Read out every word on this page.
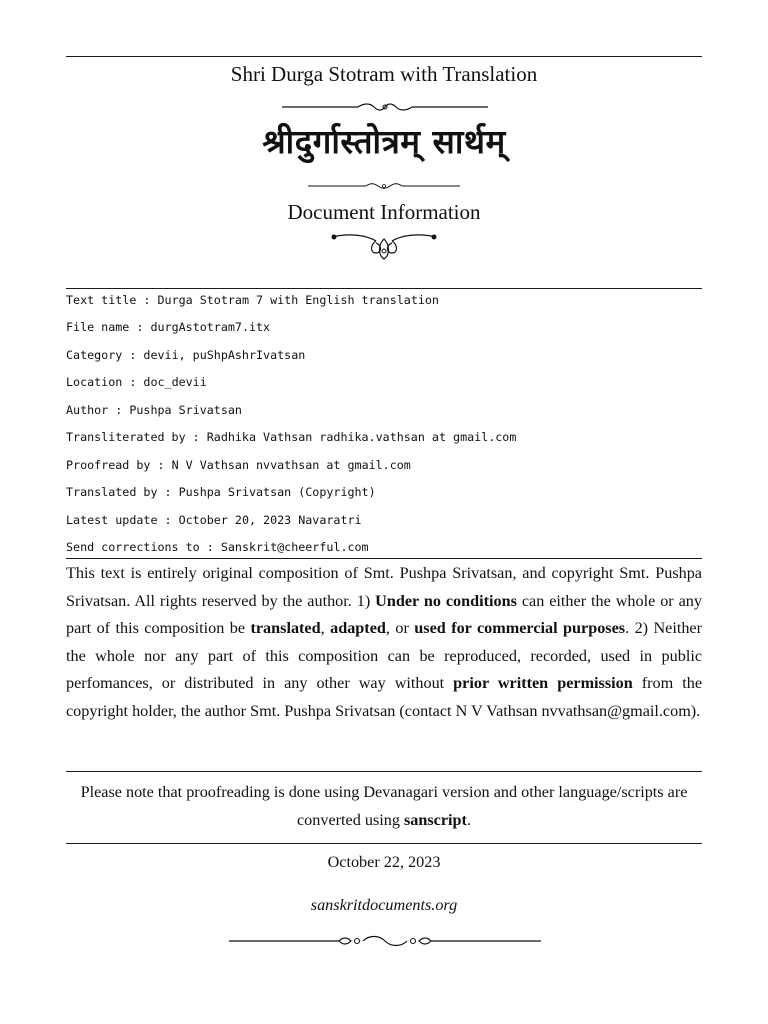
Shri Durga Stotram with Translation
श्रीदुर्गास्तोत्रम् सार्थम्
Document Information
Text title : Durga Stotram 7 with English translation
File name : durgAstotram7.itx
Category : devii, puShpAshrIvatsan
Location : doc_devii
Author : Pushpa Srivatsan
Transliterated by : Radhika Vathsan radhika.vathsan at gmail.com
Proofread by : N V Vathsan nvvathsan at gmail.com
Translated by : Pushpa Srivatsan (Copyright)
Latest update : October 20, 2023 Navaratri
Send corrections to : Sanskrit@cheerful.com
This text is entirely original composition of Smt. Pushpa Srivatsan, and copyright Smt. Pushpa Srivatsan. All rights reserved by the author. 1) Under no conditions can either the whole or any part of this composition be translated, adapted, or used for commercial purposes. 2) Neither the whole nor any part of this composition can be reproduced, recorded, used in public perfomances, or distributed in any other way without prior written permission from the copyright holder, the author Smt. Pushpa Srivatsan (contact N V Vathsan nvvathsan@gmail.com).
Please note that proofreading is done using Devanagari version and other language/scripts are converted using sanscript.
October 22, 2023
sanskritdocuments.org
